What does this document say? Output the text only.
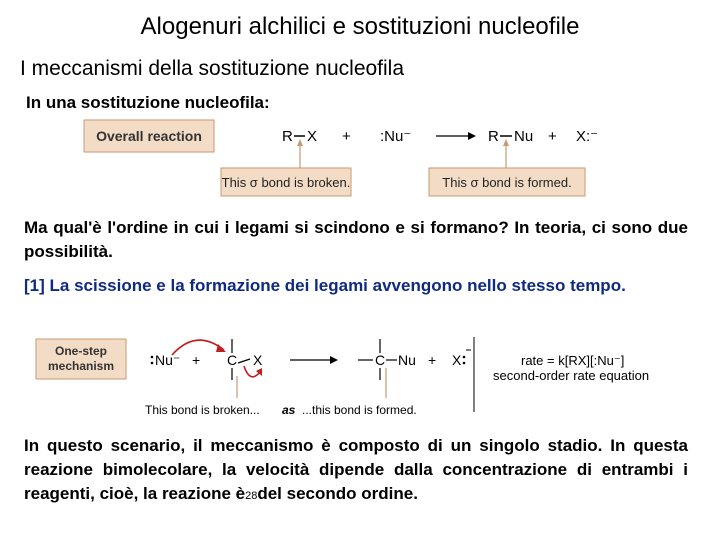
Alogenuri alchilici e sostituzioni nucleofile
I meccanismi della sostituzione nucleofila
In una sostituzione nucleofila:
Overall reaction	R X + :Nu⁻	R Nu + X:⁻
This σ bond is broken.	This σ bond is formed.
Ma qual'è l'ordine in cui i legami si scindono e si formano? In teoria, ci sono due possibilità.
[1] La scissione e la formazione dei legami avvengono nello stesso tempo.
One-step
mechanism	Nu⁻ + C X	C Nu + X	rate = k[RX][:Nu⁻]
second-order rate equation
This bond is broken... as ...this bond is formed.
In questo scenario, il meccanismo è composto di un singolo stadio. In questa reazione bimolecolare, la velocità dipende dalla concentrazione di entrambi i reagenti, cioè, la reazione è28del secondo ordine.
